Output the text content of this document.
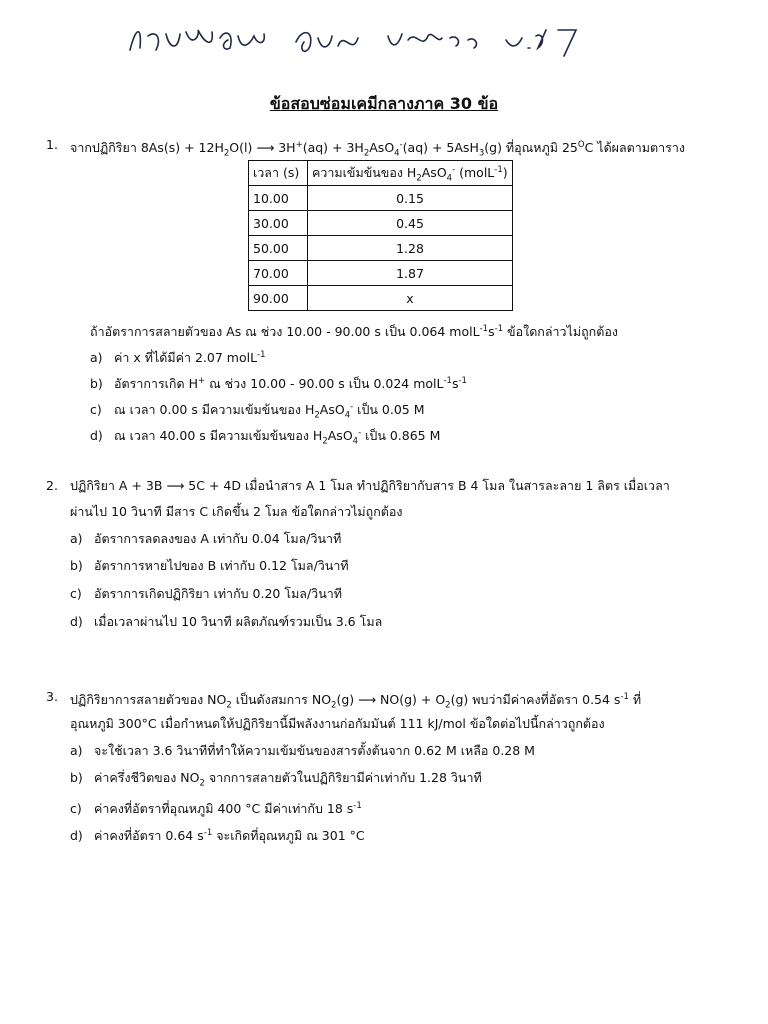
ข้อสอบซ่อมเคมีกลางภาค 30 ข้อ
1. จากปฏิกิริยา $8As(s) + 12H_2O(l)$ ⟶ $3H^+(aq) + 3H_2AsO_4^-(aq) + 5AsH_3(g)$ ที่อุณหภูมิ $25^OC$ ได้ผลตามตาราง
เวลา (s)	ความเข้มข้นของ $H_2AsO_4^-$ (molL$^{-1}$)
10.00	0.15
30.00	0.45
50.00	1.28
70.00	1.87
90.00	x
ถ้าอัตราการสลายตัวของ As ณ ช่วง 10.00 - 90.00 s เป็น 0.064 $molL^{-1}s^{-1}$ ข้อใดกล่าวไม่ถูกต้อง
a) ค่า x ที่ได้มีค่า 2.07 molL$^{-1}$
b) อัตราการเกิด H+ ณ ช่วง 10.00 - 90.00 s เป็น 0.024 $molL^{-1}s^{-1}$
c) ณ เวลา 0.00 s มีความเข้มข้นของ $H_2AsO_4^-$ เป็น 0.05 M
d) ณ เวลา 40.00 s มีความเข้มข้นของ $H_2AsO_4^-$ เป็น 0.865 M
2. ปฏิกิริยา A + 3B ⟶ 5C + 4D เมื่อนำสาร A 1 โมล ทำปฏิกิริยากับสาร B 4 โมล ในสารละลาย 1 ลิตร เมื่อเวลา
ผ่านไป 10 วินาที มีสาร C เกิดขึ้น 2 โมล ข้อใดกล่าวไม่ถูกต้อง
a) อัตราการลดลงของ A เท่ากับ 0.04 โมล/วินาที
b) อัตราการหายไปของ B เท่ากับ 0.12 โมล/วินาที
c) อัตราการเกิดปฏิกิริยา เท่ากับ 0.20 โมล/วินาที
d) เมื่อเวลาผ่านไป 10 วินาที ผลิตภัณฑ์รวมเป็น 3.6 โมล
3. ปฏิกิริยาการสลายตัวของ $NO_2$ เป็นดังสมการ $NO_2(g)$ ⟶ $NO(g) + O_2(g)$ พบว่ามีค่าคงที่อัตรา 0.54 $s^{-1}$ ที่
อุณหภูมิ 300°C เมื่อกำหนดให้ปฏิกิริยานี้มีพลังงานก่อกัมมันต์ 111 kJ/mol ข้อใดต่อไปนี้กล่าวถูกต้อง
a) จะใช้เวลา 3.6 วินาทีที่ทำให้ความเข้มข้นของสารตั้งต้นจาก 0.62 M เหลือ 0.28 M
b) ค่าครึ่งชีวิตของ $NO_2$ จากการสลายตัวในปฏิกิริยามีค่าเท่ากับ 1.28 วินาที
c) ค่าคงที่อัตราที่อุณหภูมิ 400 °C มีค่าเท่ากับ 18 $s^{-1}$
d) ค่าคงที่อัตรา 0.64 $s^{-1}$ จะเกิดที่อุณหภูมิ ณ 301 °C
